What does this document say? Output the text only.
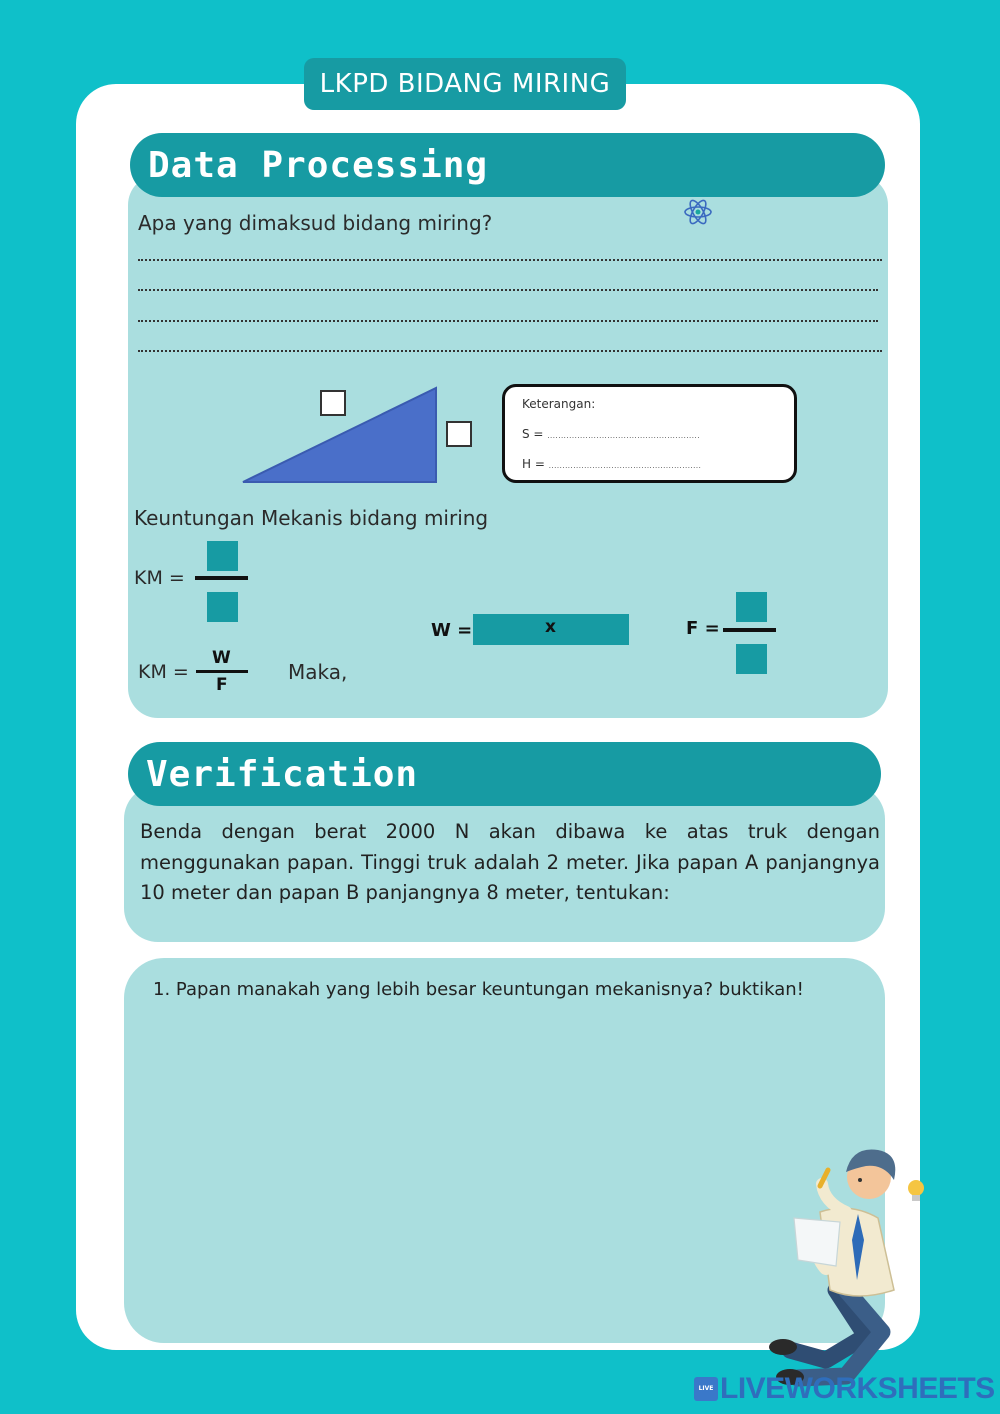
LKPD BIDANG MIRING
Data Processing
Apa yang dimaksud bidang miring?
Keterangan:
S = ........................................................
H = ........................................................
Keuntungan Mekanis bidang miring
KM =
KM =
W
F
Maka,
W =	x	F =
Verification
Benda dengan berat 2000 N akan dibawa ke atas truk dengan menggunakan papan. Tinggi truk adalah 2 meter. Jika papan A panjangnya 10 meter dan papan B panjangnya 8 meter, tentukan:
1. Papan manakah yang lebih besar keuntungan mekanisnya? buktikan!
LIVE LIVEWORKSHEETS
